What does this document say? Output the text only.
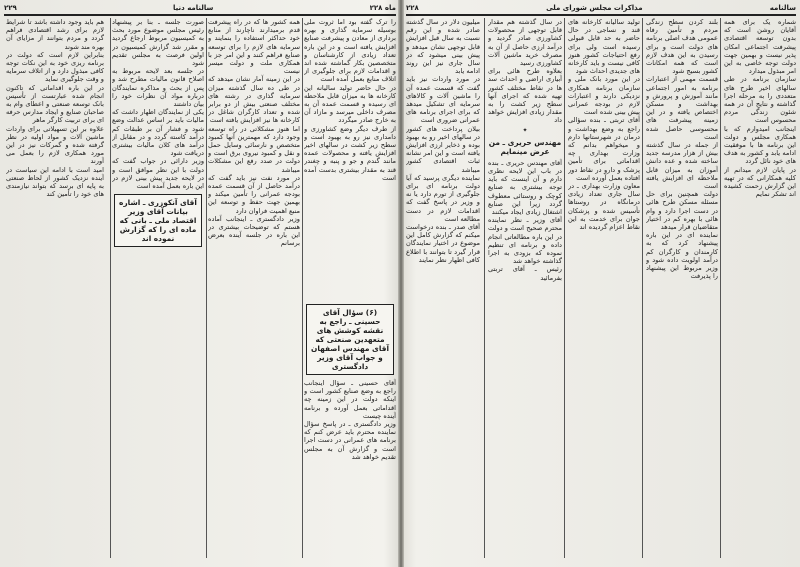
ماه ۲۲۸
سالنامه دنیا
۲۲۹

را ترک گفته بود اما ثروت ملی بوسیله سرمایه گذاری و بهره برداری از معادن و پیشرفت صنایع افزایش یافته است و در این باره تعداد زیادی از کارشناسان و متخصصین بکار گماشته شده اند و اقدامات لازم برای جلوگیری از اتلاف منابع بعمل آمده است

در حال حاضر تولید سالیانه این کارخانه ها به میزان قابل ملاحظه ای رسیده و قسمت عمده آن به مصرف داخلی میرسد و مازاد آن به خارج صادر میگردد

از طرف دیگر وضع کشاورزی و دامداری نیز رو به بهبود است و سطح زیر کشت در سالهای اخیر افزایش یافته و محصولات عمده مانند گندم و جو و پنبه و چغندر قند به مقدار بیشتری بدست آمده است

همه کشور ها که در راه پیشرفت قدم برمیدارند ناچارند از منابع خود حداکثر استفاده را بنمایند و سرمایه های لازم را برای توسعه صنایع فراهم کنند و این امر جز با همکاری ملت و دولت میسر نیست

در این زمینه آمار نشان میدهد که در طی ده سال گذشته میزان سرمایه گذاری در رشته های مختلف صنعتی بیش از دو برابر شده و تعداد کارگران شاغل در کارخانه ها نیز افزایش یافته است

اما هنوز مشکلاتی در راه توسعه وجود دارد که مهمترین آنها کمبود متخصص و نارسائی وسایل حمل و نقل و کمبود نیروی برق است و دولت در صدد رفع این مشکلات میباشد

در مورد نفت نیز باید گفت که درآمد حاصل از آن قسمت عمده بودجه عمرانی را تأمین میکند و بهمین جهت حفظ و توسعه این منبع اهمیت فراوان دارد

وزیر دادگستری ـ اینجانب آماده هستم که توضیحات بیشتری در این باره در جلسه آینده بعرض برسانم

صورت جلسه ـ بنا بر پیشنهاد رئیس مجلس موضوع مورد بحث به کمیسیون مربوط ارجاع گردید و مقرر شد گزارش کمیسیون در اولین فرصت به مجلس تقدیم شود

در جلسه بعد لایحه مربوط به اصلاح قانون مالیات مطرح شد و پس از بحث و مذاکره نمایندگان درباره مواد آن نظرات خود را بیان داشتند

یکی از نمایندگان اظهار داشت که مالیات باید بر اساس عدالت وضع شود و فشار آن بر طبقات کم درآمد کاسته گردد و در مقابل از درآمد های کلان مالیات بیشتری دریافت شود

وزیر دارائی در جواب گفت که دولت با این نظر موافق است و در لایحه جدید پیش بینی لازم در این باره بعمل آمده است

آقای آنکوزری ـ اشاره بیانات آقای وزیر اقتصاد ملی ـ بانی که ماده ای را که گزارش نموده اند

هم باید وجود داشته باشد تا شرایط لازم برای رشد اقتصادی فراهم گردد و مردم بتوانند از مزایای آن بهره مند شوند

بنابراین لازم است که دولت در برنامه ریزی خود به این نکات توجه کافی مبذول دارد و از اتلاف سرمایه و وقت جلوگیری نماید

در این باره اقداماتی که تاکنون انجام شده عبارتست از تأسیس بانک توسعه صنعتی و اعطای وام به صاحبان صنایع و ایجاد مدارس حرفه ای برای تربیت کارگر ماهر

علاوه بر این تسهیلاتی برای واردات ماشین آلات و مواد اولیه در نظر گرفته شده و گمرکات نیز در این مورد همکاری لازم را بعمل می آورند

امید است با ادامه این سیاست در آینده نزدیک کشور از لحاظ صنعتی به پایه ای برسد که بتواند نیازمندی های خود را تأمین کند

(۶) سؤال آقای حسینی ـ راجع به نقشه کوشش های متعهدین صنعتی که آقای مهندس اصفهان و جواب آقای وزیر دادگستری

آقای حسینی ـ سؤال اینجانب راجع به وضع صنایع کشور است و اینکه دولت در این زمینه چه اقداماتی بعمل آورده و برنامه آینده چیست

وزیر دادگستری ـ در پاسخ سؤال نماینده محترم باید عرض کنم که برنامه های عمرانی در دست اجرا است و گزارش آن به مجلس تقدیم خواهد شد

سالنامه
مذاکرات مجلس شورای ملی
۲۲۸

شماره یک برای همه آقایان روشن است که بدون توسعه اقتصادی پیشرفت اجتماعی امکان پذیر نیست و بهمین جهت دولت توجه خاصی به این امر مبذول میدارد

سازمان برنامه در طی سالهای اخیر طرح های متعددی را به مرحله اجرا گذاشته و نتایج آن در همه شئون زندگی مردم محسوس است

اینجانب امیدوارم که با همکاری مجلس و دولت این برنامه ها با موفقیت ادامه یابد و کشور به هدف های خود نائل گردد

در پایان لازم میدانم از کلیه همکارانی که در تهیه این گزارش زحمت کشیده اند تشکر نمایم

بلند کردن سطح زندگی مردم و تأمین رفاه عمومی هدف اصلی برنامه های دولت است و برای رسیدن به این هدف لازم است که همه امکانات کشور بسیج شود

قسمت مهمی از اعتبارات برنامه به امور اجتماعی مانند آموزش و پرورش و بهداشت و مسکن اختصاص یافته و در این زمینه پیشرفت های محسوسی حاصل شده است

از جمله در سال گذشته بیش از هزار مدرسه جدید ساخته شده و عده دانش آموزان به میزان قابل ملاحظه ای افزایش یافته است

دولت همچنین برای حل مسئله مسکن طرح هائی در دست اجرا دارد و وام هائی با بهره کم در اختیار متقاضیان قرار میدهد

نماینده ای در این باره پیشنهاد کرد که به کارمندان و کارگران کم درآمد اولویت داده شود و وزیر مربوط این پیشنهاد را پذیرفت

تولید سالیانه کارخانه های قند و نساجی در حال حاضر به حد قابل قبولی رسیده است ولی برای رفع احتیاجات کشور هنوز کافی نیست و باید کارخانه های جدیدی احداث شود

در این مورد بانک ملی و سازمان برنامه همکاری نزدیکی دارند و اعتبارات لازم در بودجه عمرانی پیش بینی شده است

آقای تربتی ـ بنده سؤالی راجع به وضع بهداشت و درمان در شهرستانها دارم و میخواهم بدانم که وزارت بهداری چه اقداماتی برای تأمین پزشک و دارو در نقاط دور افتاده بعمل آورده است

معاون وزارت بهداری ـ در سال جاری تعداد زیادی درمانگاه در روستاها تأسیس شده و پزشکان جوان برای خدمت به این نقاط اعزام گردیده اند

در سال گذشته هم مقدار قابل توجهی از محصولات کشاورزی صادر گردید و درآمد ارزی حاصل از آن به مصرف خرید ماشین آلات کشاورزی رسید

بعلاوه طرح هائی برای آبیاری اراضی و احداث سد ها در نقاط مختلف کشور تهیه شده که اجرای آنها سطح زیر کشت را به مقدار زیادی افزایش خواهد داد

✦
مهندس حریری ـ من عرض مینمایم

آقای مهندس حریری ـ بنده در باب این لایحه نظری دارم و آن اینست که باید توجه بیشتری به صنایع کوچک و روستائی معطوف گردد زیرا این صنایع اشتغال زیادی ایجاد میکنند

آقای وزیر ـ نظر نماینده محترم صحیح است و دولت در این باره مطالعاتی انجام داده و برنامه ای تنظیم نموده که بزودی به اجرا گذاشته خواهد شد

رئیس ـ آقای تربتی بفرمائید

میلیون دلار در سال گذشته صادر شده و این رقم نسبت به سال قبل افزایش قابل توجهی نشان میدهد و پیش بینی میشود که در سال جاری نیز این روند ادامه یابد

در مورد واردات نیز باید گفت که قسمت عمده آن را ماشین آلات و کالاهای سرمایه ای تشکیل میدهد که برای اجرای برنامه های عمرانی ضروری است

بیلان پرداخت های کشور در سالهای اخیر رو به بهبود بوده و ذخایر ارزی افزایش یافته است و این امر نشانه ثبات اقتصادی کشور میباشد

نماینده دیگری پرسید که آیا دولت برنامه ای برای جلوگیری از تورم دارد یا نه و وزیر در پاسخ گفت که اقدامات لازم در دست مطالعه است

آقای صدر ـ بنده درخواست میکنم که گزارش کامل این موضوع در اختیار نمایندگان قرار گیرد تا بتوانند با اطلاع کافی اظهار نظر نمایند
